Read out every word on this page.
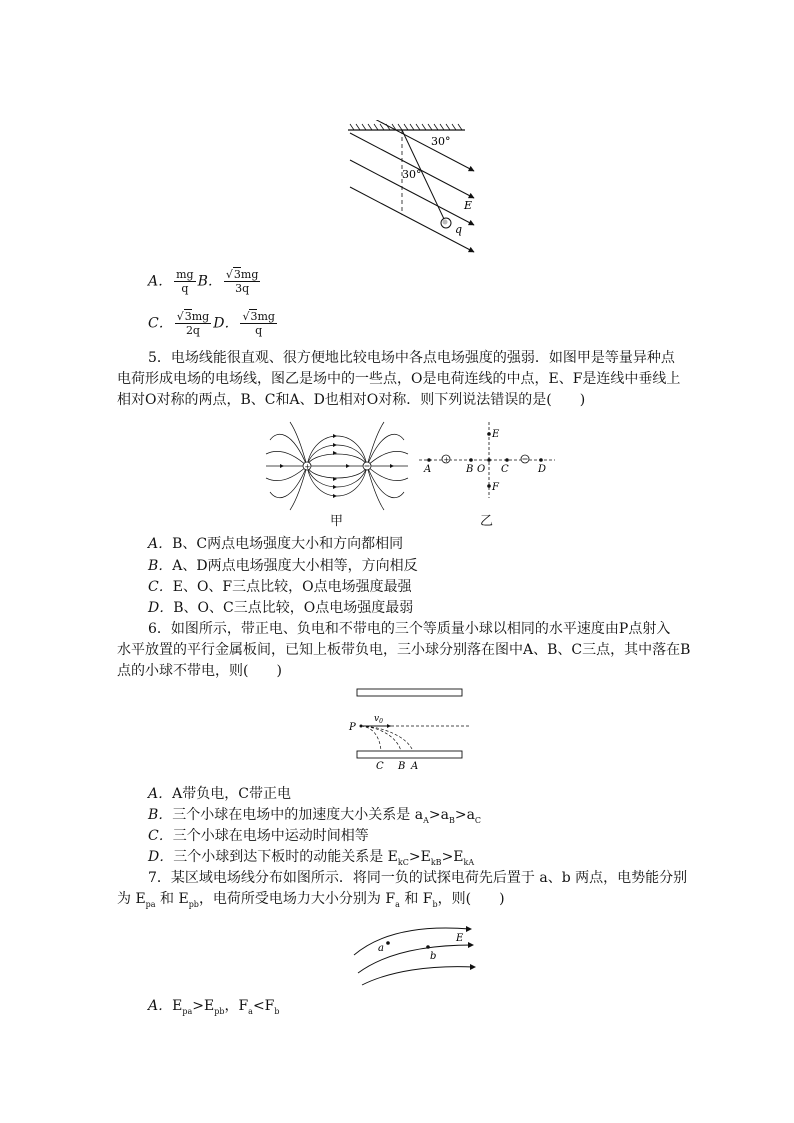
30°
30°
E
q
A． $\frac{mg}{q}$ B． $\frac{√3mg}{3q}$
C． $\frac{√3mg}{2q}$ D． $\frac{√3mg}{q}$
5．电场线能很直观、很方便地比较电场中各点电场强度的强弱．如图甲是等量异种点
电荷形成电场的电场线，图乙是场中的一些点，O是电荷连线的中点，E、F是连线中垂线上
相对O对称的两点，B、C和A、D也相对O对称．则下列说法错误的是(　　)
+
甲
+
A	B O C	D
E
F
乙
A．B、C两点电场强度大小和方向都相同
B．A、D两点电场强度大小相等，方向相反
C．E、O、F三点比较，O点电场强度最强
D．B、O、C三点比较，O点电场强度最弱
6．如图所示，带正电、负电和不带电的三个等质量小球以相同的水平速度由P点射入
水平放置的平行金属板间，已知上板带负电，三小球分别落在图中A、B、C三点，其中落在B
点的小球不带电，则(　　)
P
$v_0$
C B A
A．A带负电，C带正电
B．三个小球在电场中的加速度大小关系是 $a_A>a_B>a_C$
C．三个小球在电场中运动时间相等
D．三个小球到达下板时的动能关系是 $E_{kC}>E_{kB}>E_{kA}$
7．某区域电场线分布如图所示．将同一负的试探电荷先后置于 a、b 两点，电势能分别
为 $E_{pa}$ 和 $E_{pb}$，电荷所受电场力大小分别为 $F_a$ 和 $F_b$，则(　　)
a
b
E
A．$E_{pa}>E_{pb}$，$F_a<F_b$
